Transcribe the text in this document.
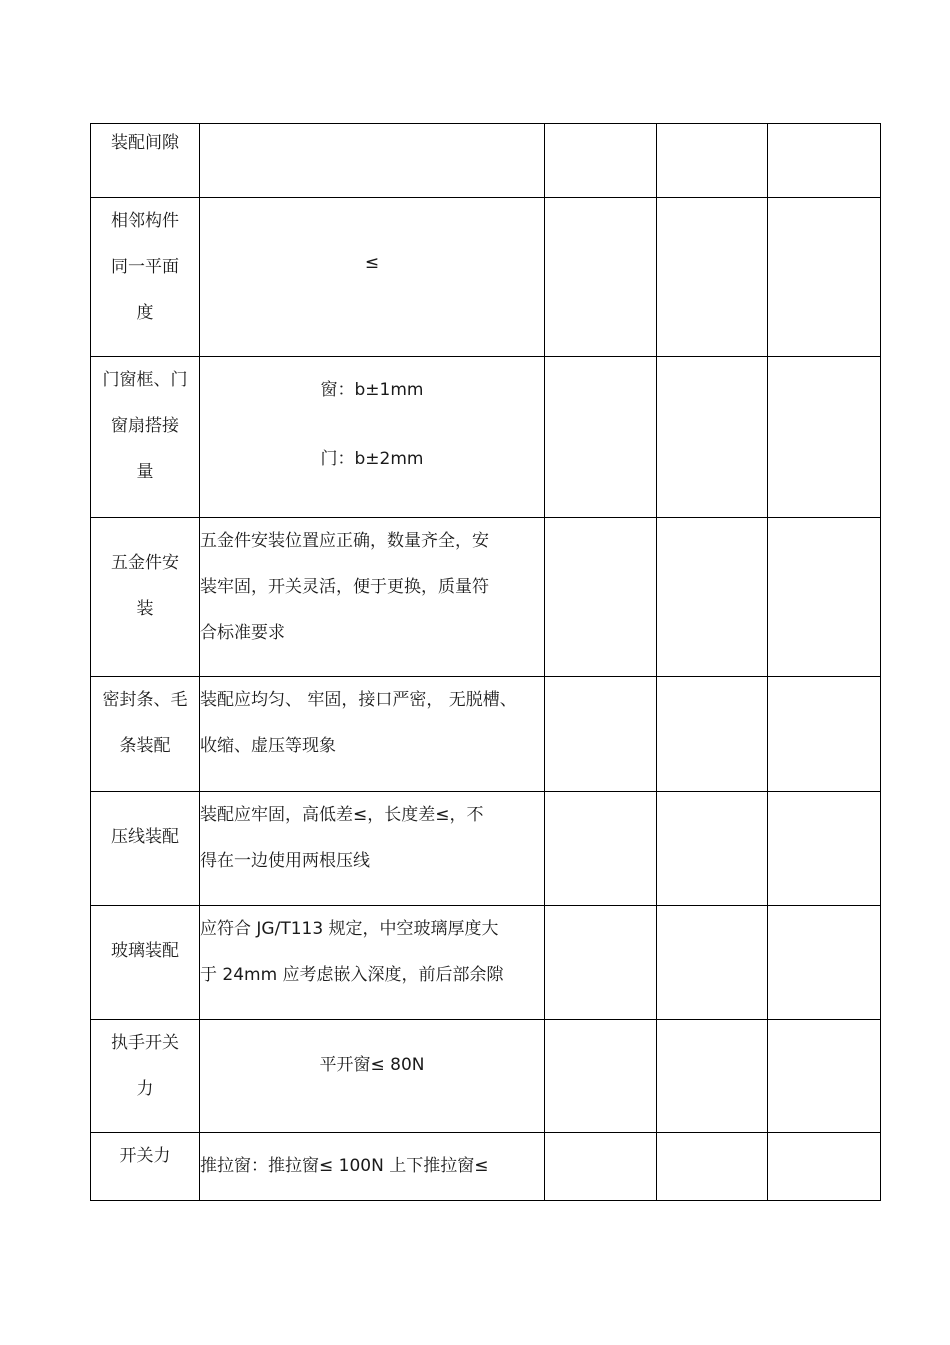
装配间隙				

相邻构件
同一平面
度	≤			

门窗框、门
窗扇搭接
量	窗：b±1mm
门：b±2mm			

五金件安
装	五金件安装位置应正确，数量齐全，安
装牢固，开关灵活，便于更换，质量符
合标准要求			

密封条、毛
条装配	装配应均匀、 牢固，接口严密， 无脱槽、
收缩、虚压等现象			

压线装配	装配应牢固，高低差≤，长度差≤，不
得在一边使用两根压线			

玻璃装配	应符合 JG/T113 规定，中空玻璃厚度大
于 24mm 应考虑嵌入深度，前后部余隙			

执手开关
力	平开窗≤ 80N			

开关力	推拉窗：推拉窗≤ 100N 上下推拉窗≤			
